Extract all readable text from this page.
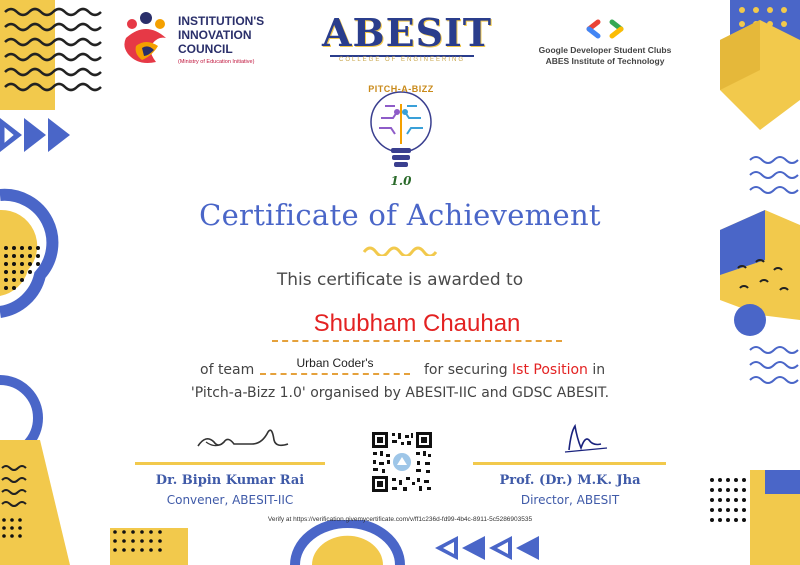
INSTITUTION'S
INNOVATION
COUNCIL
(Ministry of Education Initiative)
ABESIT
COLLEGE OF ENGINEERING
Google Developer Student Clubs
ABES Institute of Technology
PITCH-A-BIZZ
1.0
Certificate of Achievement
This certificate is awarded to
Shubham Chauhan
of team	Urban Coder's	for securing Ist Position in
'Pitch-a-Bizz 1.0' organised by ABESIT-IIC and GDSC ABESIT.
Dr. Bipin Kumar Rai
Convener, ABESIT-IIC
Prof. (Dr.) M.K. Jha
Director, ABESIT
Verify at https://verification.givemycertificate.com/v/ff1c236d-fd99-4b4c-8911-5c5286903535
